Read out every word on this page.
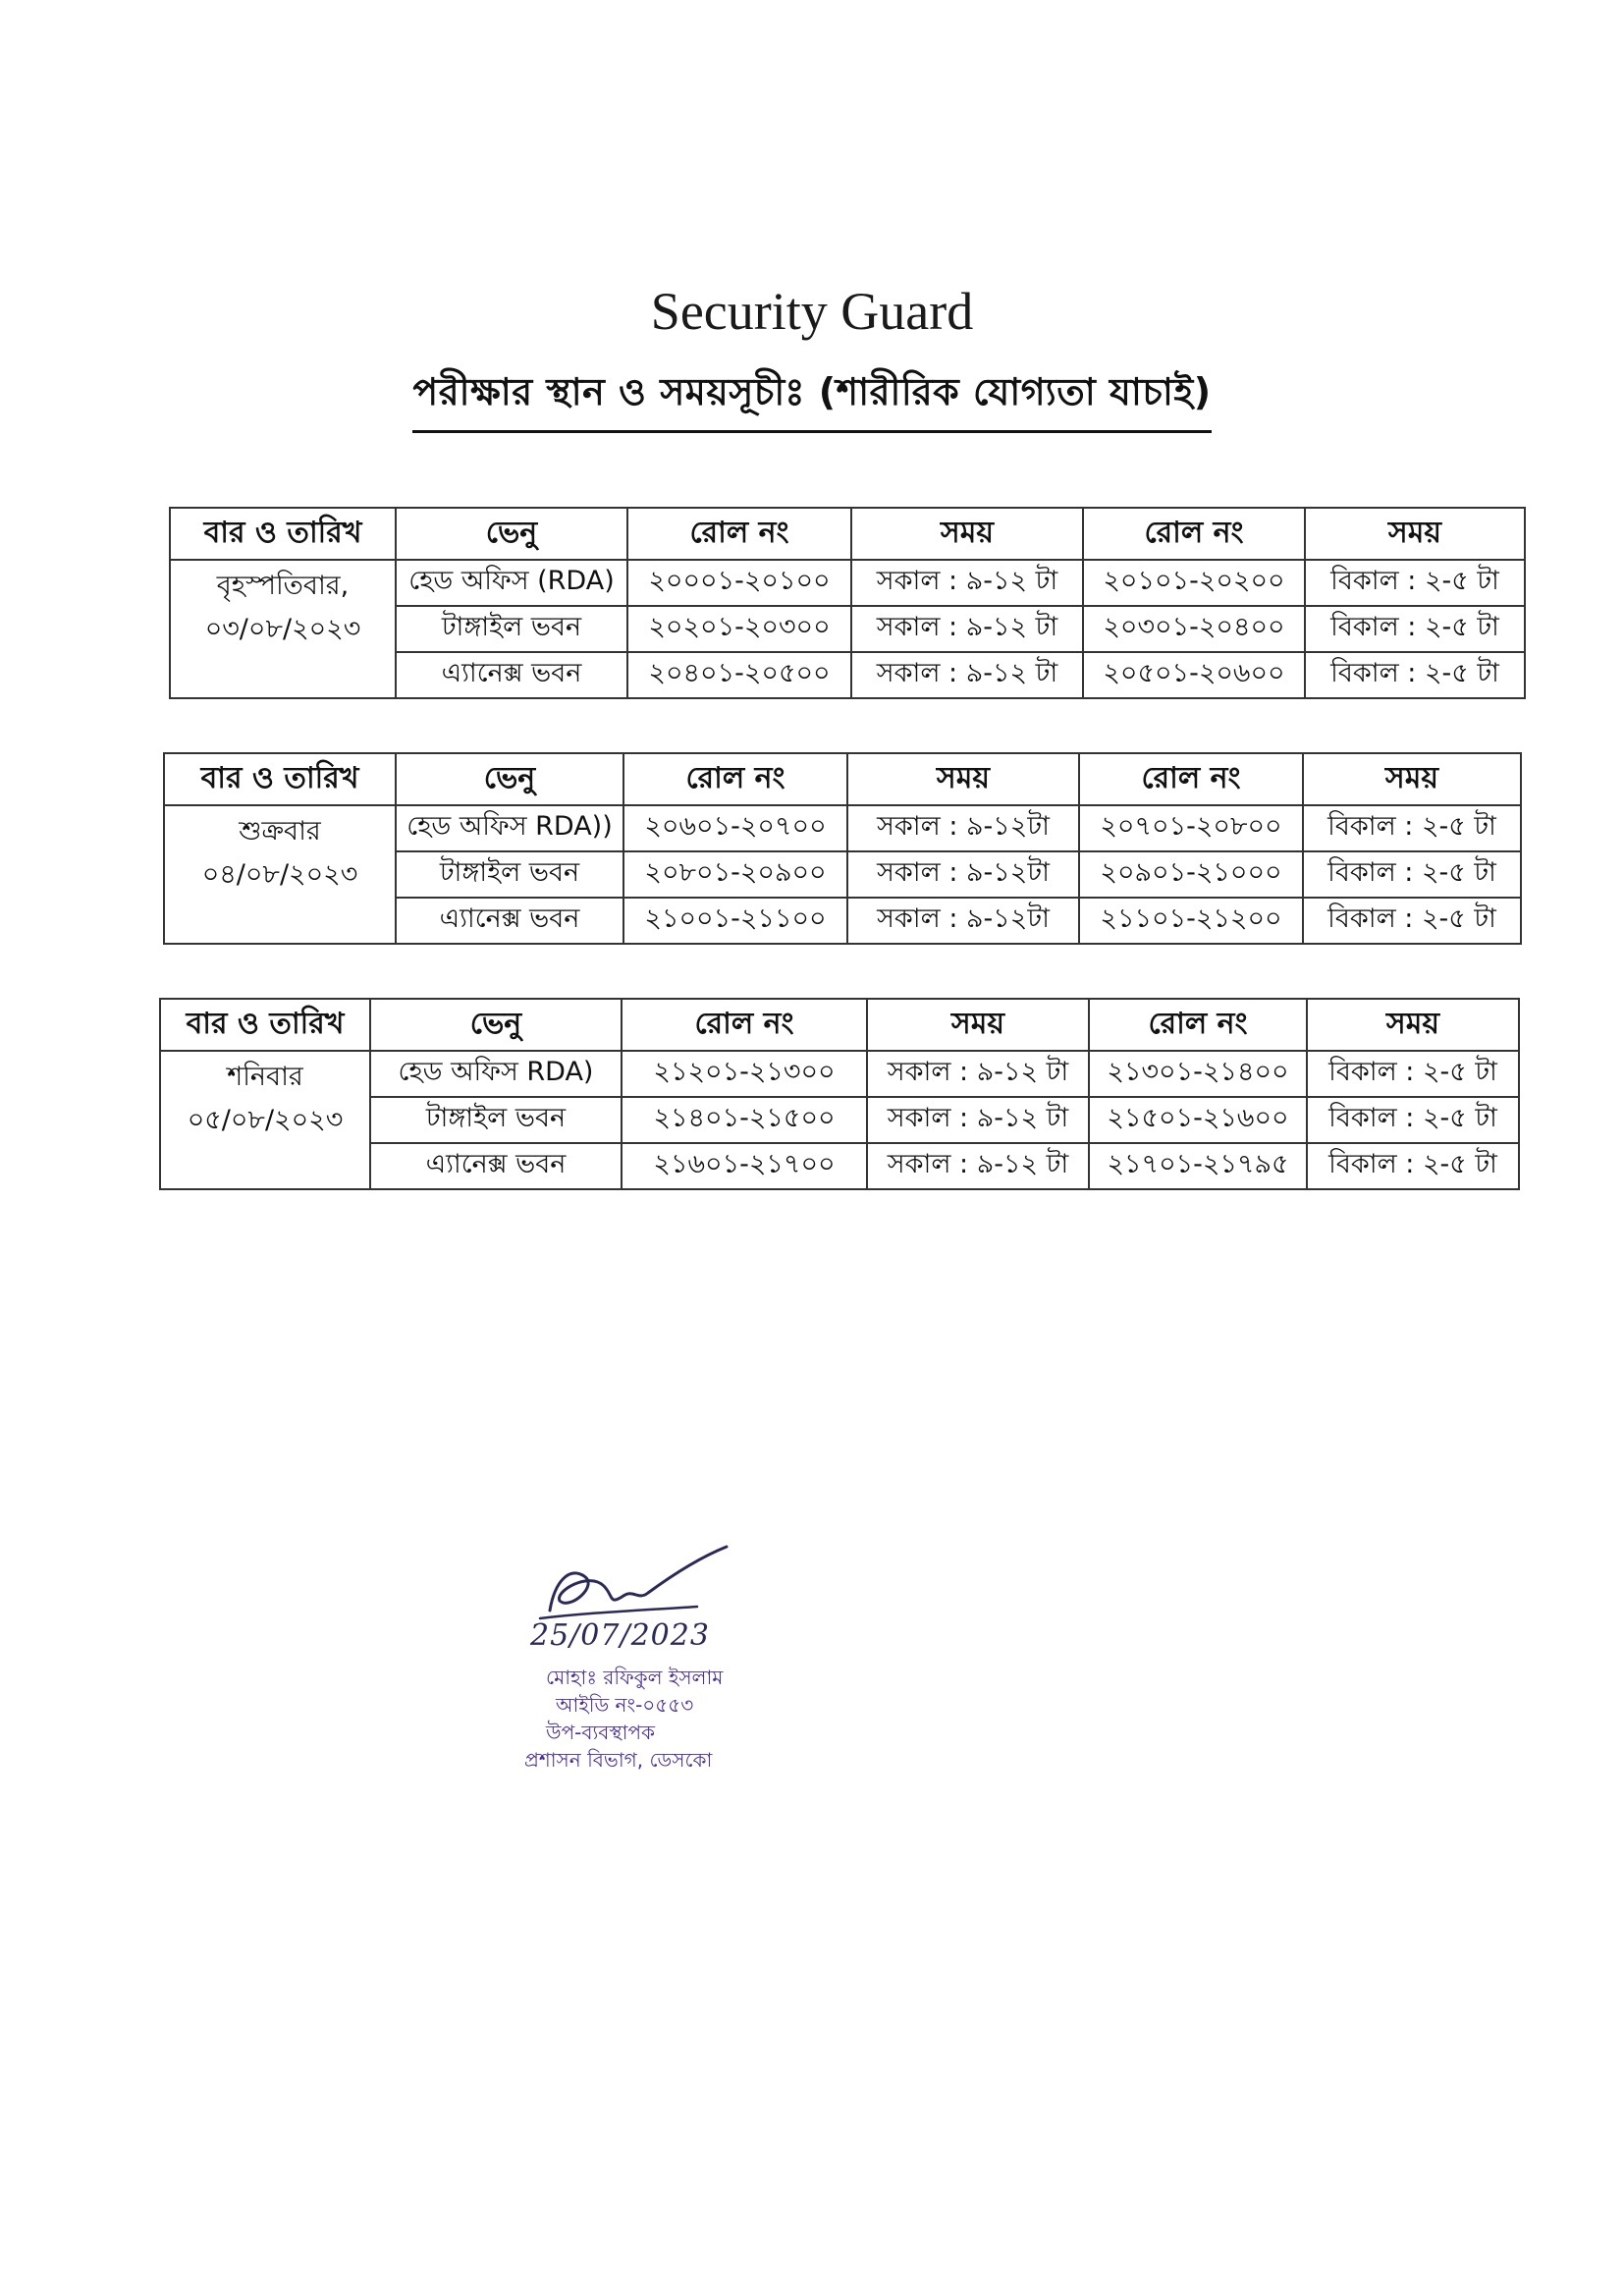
Security Guard
পরীক্ষার স্থান ও সময়সূচীঃ (শারীরিক যোগ্যতা যাচাই)
বার ও তারিখ	ভেনু	রোল নং	সময়	রোল নং	সময়

বৃহস্পতিবার,
০৩/০৮/২০২৩	হেড অফিস (RDA)	২০০০১-২০১০০	সকাল : ৯-১২ টা	২০১০১-২০২০০	বিকাল : ২-৫ টা
	টাঙ্গাইল ভবন	২০২০১-২০৩০০	সকাল : ৯-১২ টা	২০৩০১-২০৪০০	বিকাল : ২-৫ টা
	এ্যানেক্স ভবন	২০৪০১-২০৫০০	সকাল : ৯-১২ টা	২০৫০১-২০৬০০	বিকাল : ২-৫ টা
বার ও তারিখ	ভেনু	রোল নং	সময়	রোল নং	সময়

শুক্রবার
০৪/০৮/২০২৩	হেড অফিস RDA))	২০৬০১-২০৭০০	সকাল : ৯-১২টা	২০৭০১-২০৮০০	বিকাল : ২-৫ টা
	টাঙ্গাইল ভবন	২০৮০১-২০৯০০	সকাল : ৯-১২টা	২০৯০১-২১০০০	বিকাল : ২-৫ টা
	এ্যানেক্স ভবন	২১০০১-২১১০০	সকাল : ৯-১২টা	২১১০১-২১২০০	বিকাল : ২-৫ টা
বার ও তারিখ	ভেনু	রোল নং	সময়	রোল নং	সময়

শনিবার
০৫/০৮/২০২৩	হেড অফিস RDA)	২১২০১-২১৩০০	সকাল : ৯-১২ টা	২১৩০১-২১৪০০	বিকাল : ২-৫ টা
	টাঙ্গাইল ভবন	২১৪০১-২১৫০০	সকাল : ৯-১২ টা	২১৫০১-২১৬০০	বিকাল : ২-৫ টা
	এ্যানেক্স ভবন	২১৬০১-২১৭০০	সকাল : ৯-১২ টা	২১৭০১-২১৭৯৫	বিকাল : ২-৫ টা
25/07/2023
মোহাঃ রফিকুল ইসলাম
আইডি নং-০৫৫৩
উপ-ব্যবস্থাপক
প্রশাসন বিভাগ, ডেসকো
